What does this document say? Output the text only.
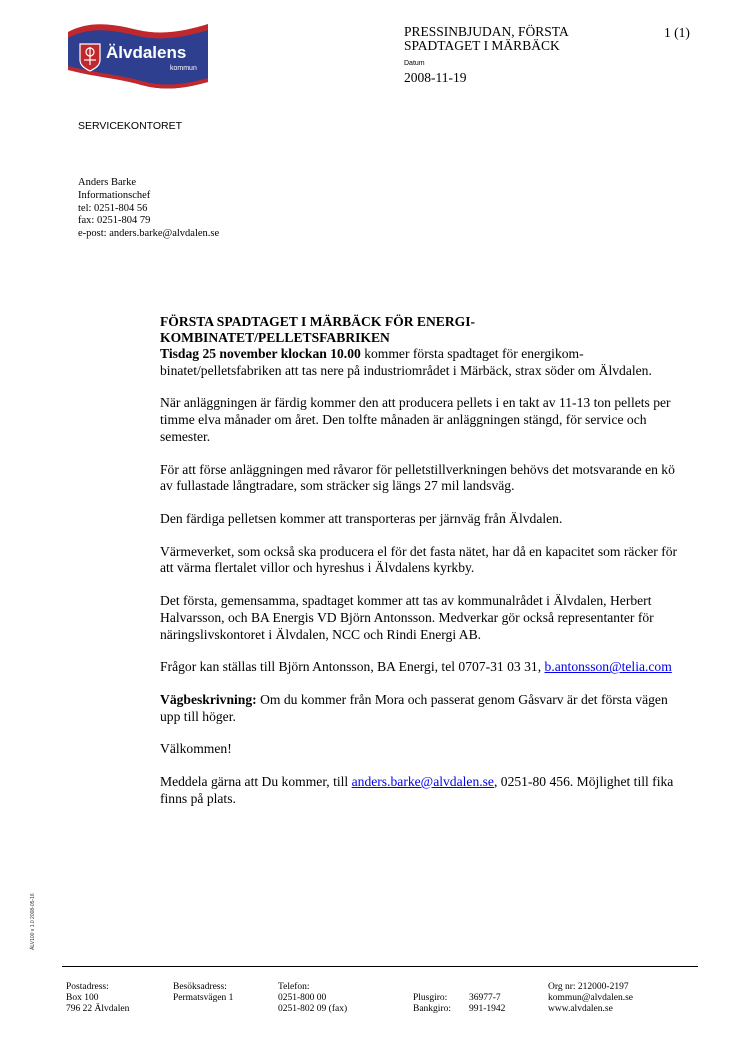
Älvdalens
kommun
PRESSINBJUDAN, FÖRSTA
SPADTAGET I MÄRBÄCK
1 (1)
Datum
2008-11-19
SERVICEKONTORET
Anders Barke
Informationschef
tel: 0251-804 56
fax: 0251-804 79
e-post: anders.barke@alvdalen.se
FÖRSTA SPADTAGET I MÄRBÄCK FÖR ENERGI-
KOMBINATET/PELLETSFABRIKEN

Tisdag 25 november klockan 10.00 kommer första spadtaget för energikom-binatet/pelletsfabriken att tas nere på industriområdet i Märbäck, strax söder om Älvdalen.

När anläggningen är färdig kommer den att producera pellets i en takt av 11-13 ton pellets per timme elva månader om året. Den tolfte månaden är anläggningen stängd, för service och semester.

För att förse anläggningen med råvaror för pelletstillverkningen behövs det motsvarande en kö av fullastade långtradare, som sträcker sig längs 27 mil landsväg.

Den färdiga pelletsen kommer att transporteras per järnväg från Älvdalen.

Värmeverket, som också ska producera el för det fasta nätet, har då en kapacitet som räcker för att värma flertalet villor och hyreshus i Älvdalens kyrkby.

Det första, gemensamma, spadtaget kommer att tas av kommunalrådet i Älvdalen, Herbert Halvarsson, och BA Energis VD Björn Antonsson. Medverkar gör också representanter för näringslivskontoret i Älvdalen, NCC och Rindi Energi AB.

Frågor kan ställas till Björn Antonsson, BA Energi, tel 0707-31 03 31, b.antonsson@telia.com

Vägbeskrivning: Om du kommer från Mora och passerat genom Gåsvarv är det första vägen upp till höger.

Välkommen!

Meddela gärna att Du kommer, till anders.barke@alvdalen.se, 0251-80 456. Möjlighet till fika finns på plats.

ÄLV100 v 1.0 2008-05-16
Postadress:
Box 100
796 22 Älvdalen
Besöksadress:
Permatsvägen 1
Telefon:
0251-800 00
0251-802 09 (fax)

Plusgiro:
Bankgiro:

36977-7
991-1942
Org nr: 212000-2197
kommun@alvdalen.se
www.alvdalen.se
